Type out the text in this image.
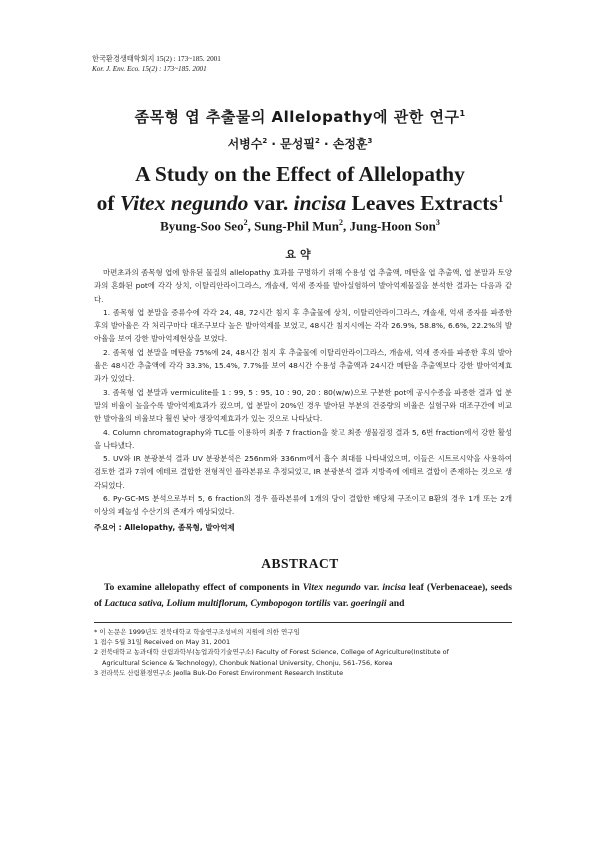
한국환경생태학회지 15(2) : 173~185. 2001
Kor. J. Env. Eco. 15(2) : 173~185. 2001
좀목형 엽 추출물의 Allelopathy에 관한 연구$^1$
서병수$^2$ · 문성필$^2$ · 손정훈$^3$
A Study on the Effect of Allelopathy
of Vitex negundo var. incisa Leaves Extracts$^1$
Byung-Soo Seo$^2$, Sung-Phil Mun$^2$, Jung-Hoon Son$^3$
요약

마편초과의 좀목형 엽에 함유된 물질의 allelopathy 효과를 구명하기 위해 수용성 엽 추출액, 메탄올 엽 추출액, 엽 분말과 토양과의 혼화된 pot에 각각 상치, 이탈리안라이그라스, 개솔새, 억새 종자를 발아실험하여 발아억제물질을 분석한 결과는 다음과 같다.

1. 좀목형 엽 분말을 증류수에 각각 24, 48, 72시간 침지 후 추출물에 상치, 이탈리안라이그라스, 개솔새, 억새 종자를 파종한 후의 발아율은 각 처리구마다 대조구보다 높은 발아억제를 보였고, 48시간 침지시에는 각각 26.9%, 58.8%, 6.6%, 22.2%의 발아율을 보여 강한 발아억제현상을 보였다.

2. 좀목형 엽 분말을 메탄올 75%에 24, 48시간 침지 후 추출물에 이탈리안라이그라스, 개솔새, 억새 종자를 파종한 후의 발아율은 48시간 추출액에 각각 33.3%, 15.4%, 7.7%를 보여 48시간 수용성 추출액과 24시간 메탄올 추출액보다 강한 발아억제효과가 있었다.

3. 좀목형 엽 분말과 vermiculite를 1 : 99, 5 : 95, 10 : 90, 20 : 80(w/w)으로 구분한 pot에 공시수종을 파종한 결과 엽 분말의 비율이 높을수록 발아억제효과가 컸으며, 엽 분말이 20%인 경우 발아된 부분의 건중량의 비율은 실험구와 대조구간에 비교한 발아율의 비율보다 훨씬 낮아 생장억제효과가 있는 것으로 나타났다.

4. Column chromatography와 TLC를 이용하여 최종 7 fraction을 찾고 최종 생물검정 결과 5, 6번 fraction에서 강한 활성을 나타냈다.

5. UV와 IR 분광분석 결과 UV 분광분석은 256nm와 336nm에서 흡수 최대를 나타내었으며, 이들은 시트르시약을 사용하여 검토한 결과 7위에 에테르 결합한 전형적인 플라본류로 추정되었고, IR 분광분석 결과 지방족에 에테르 결합이 존재하는 것으로 생각되었다.

6. Py-GC-MS 분석으로부터 5, 6 fraction의 경우 플라본류에 1개의 당이 결합한 배당체 구조이고 B환의 경우 1개 또는 2개 이상의 페놀성 수산기의 존재가 예상되었다.

주요어 : Allelopathy, 좀목형, 발아억제
ABSTRACT

To examine allelopathy effect of components in Vitex negundo var. incisa leaf (Verbenaceae), seeds of Lactuca sativa, Lolium multiflorum, Cymbopogon tortilis var. goeringii and

* 이 논문은 1999년도 전북대학교 학술연구조성비의 지원에 의한 연구임
1 접수 5월 31일 Received on May 31, 2001
2 전북대학교 농과대학 산림과학부(농업과학기술연구소) Faculty of Forest Science, College of Agriculture(Institute of
Agricultural Science & Technology), Chonbuk National University, Chonju, 561-756, Korea
3 전라북도 산림환경연구소 Jeolla Buk-Do Forest Environment Research Institute
